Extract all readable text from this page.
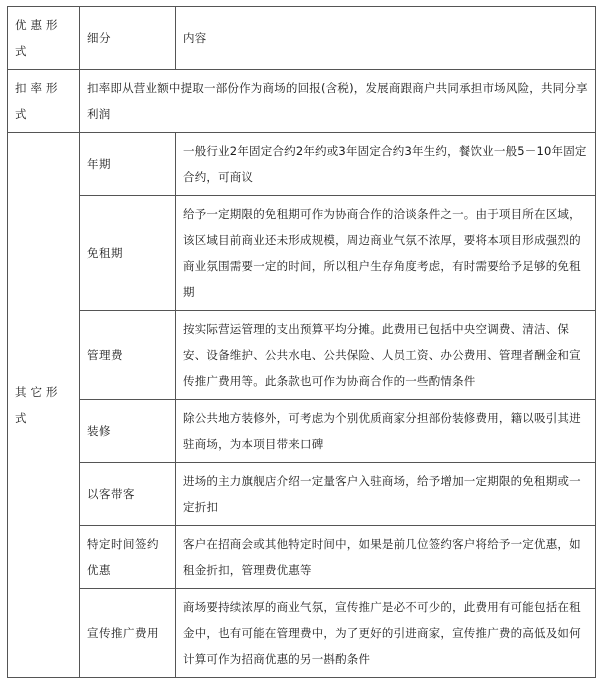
优惠形式	细分	内容
扣率形式	扣率即从营业额中提取一部份作为商场的回报(含税)，发展商跟商户共同承担市场风险，共同分享利润	
其它形式	年期	一般行业2年固定合约2年约或3年固定合约3年生约，餐饮业一般5－10年固定合约，可商议
	免租期	给予一定期限的免租期可作为协商合作的洽谈条件之一。由于项目所在区域，该区域目前商业还未形成规模，周边商业气氛不浓厚，要将本项目形成强烈的商业氛围需要一定的时间，所以租户生存角度考虑，有时需要给予足够的免租期
	管理费	按实际营运管理的支出预算平均分摊。此费用已包括中央空调费、清洁、保安、设备维护、公共水电、公共保险、人员工资、办公费用、管理者酬金和宣传推广费用等。此条款也可作为协商合作的一些酌情条件
	装修	除公共地方装修外，可考虑为个别优质商家分担部份装修费用，籍以吸引其进驻商场，为本项目带来口碑
	以客带客	进场的主力旗舰店介绍一定量客户入驻商场，给予增加一定期限的免租期或一定折扣
	特定时间签约优惠	客户在招商会或其他特定时间中，如果是前几位签约客户将给予一定优惠，如租金折扣，管理费优惠等
	宣传推广费用	商场要持续浓厚的商业气氛，宣传推广是必不可少的，此费用有可能包括在租金中，也有可能在管理费中，为了更好的引进商家，宣传推广费的高低及如何计算可作为招商优惠的另一斟酌条件
